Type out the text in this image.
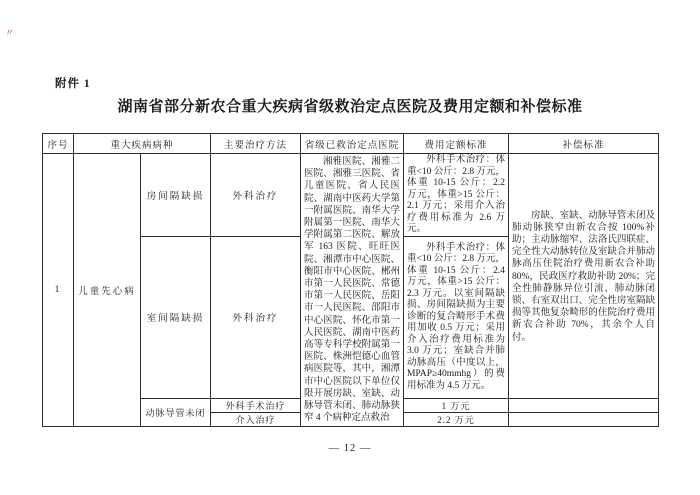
〃
附件 1
湖南省部分新农合重大疾病省级救治定点医院及费用定额和补偿标准
序号	重大疾病病种		主要治疗方法	省级已救治定点医院	费用定额标准	补偿标准
1	儿童先心病	房间隔缺损	外科治疗	湘雅医院、湘雅二医院、湘雅三医院、省儿童医院、省人民医院、湖南中医药大学第一附属医院、南华大学附属第一医院、南华大学附属第二医院、解放军 163 医院、旺旺医院、湘潭市中心医院、衡阳市中心医院、郴州市第一人民医院、常德市第一人民医院、岳阳市一人民医院、邵阳市中心医院、怀化市第一人民医院、湖南中医药高等专科学校附属第一医院、株洲恺德心血管病医院等，其中，湘潭市中心医院以下单位仅限开展房缺、室缺、动脉导管未闭、肺动脉狭窄 4 个病种定点救治	外科手术治疗：体重<10 公斤：2.8 万元，体重 10-15 公斤：2.2 万元，体重>15 公斤：2.1 万元；采用介入治疗费用标准为 2.6 万元。	房缺、室缺、动脉导管未闭及肺动脉狭窄由新农合按 100%补助；主动脉缩窄、法洛氏四联症、完全性大动脉转位及室缺合并肺动脉高压住院治疗费用新农合补助 80%，民政医疗救助补助 20%；完全性肺静脉异位引流、肺动脉闭锁、右室双出口、完全性房室隔缺损等其他复杂畸形的住院治疗费用新农合补助 70%，其余个人自付。

		室间隔缺损	外科治疗		外科手术治疗：体重<10 公斤：2.8 万元，体重 10-15 公斤：2.4 万元，体重>15 公斤：2.3 万元。以室间隔缺损、房间隔缺损为主要诊断的复合畸形手术费用加收 0.5 万元；采用介入治疗费用标准为 3.0 万元；室缺合并肺动脉高压（中度以上，MPAP≥40mmhg）的费用标准为 4.5 万元。	

		动脉导管未闭	外科手术治疗		1 万元	
			介入治疗		2.2 万元	
— 12 —
